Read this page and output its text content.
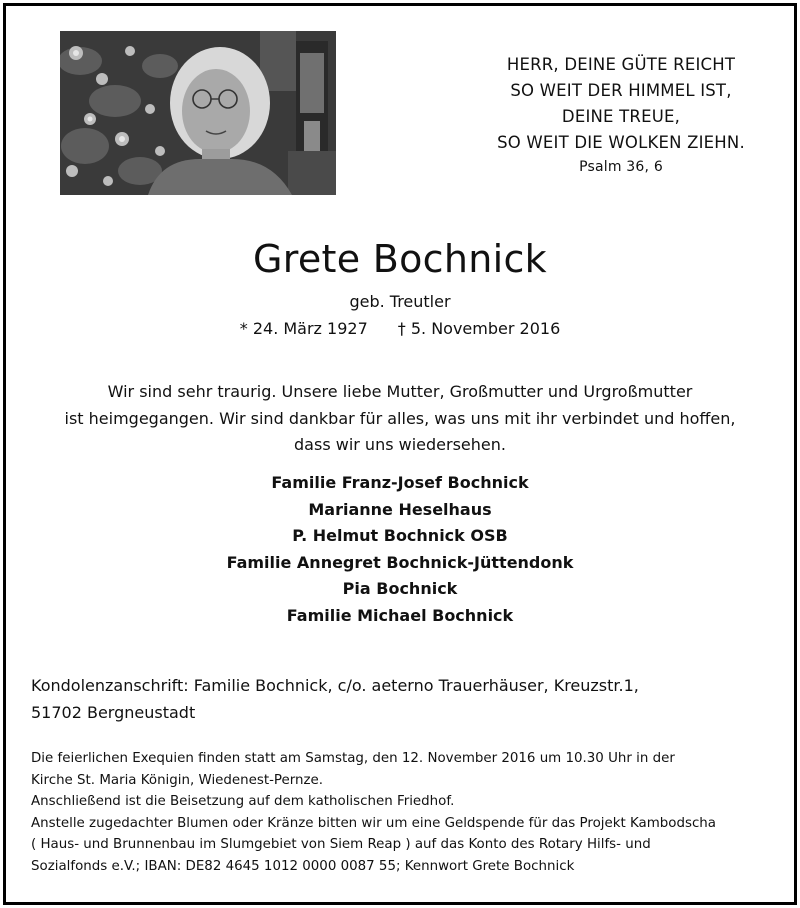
HERR, DEINE GÜTE REICHT
SO WEIT DER HIMMEL IST,
DEINE TREUE,
SO WEIT DIE WOLKEN ZIEHN.
Psalm 36, 6
Grete Bochnick
geb. Treutler
* 24. März 1927 † 5. November 2016
Wir sind sehr traurig. Unsere liebe Mutter, Großmutter und Urgroßmutter
ist heimgegangen. Wir sind dankbar für alles, was uns mit ihr verbindet und hoffen,
dass wir uns wiedersehen.
Familie Franz-Josef Bochnick
Marianne Heselhaus
P. Helmut Bochnick OSB
Familie Annegret Bochnick-Jüttendonk
Pia Bochnick
Familie Michael Bochnick
Kondolenzanschrift: Familie Bochnick, c/o. aeterno Trauerhäuser, Kreuzstr.1,
51702 Bergneustadt
Die feierlichen Exequien finden statt am Samstag, den 12. November 2016 um 10.30 Uhr in der
Kirche St. Maria Königin, Wiedenest-Pernze.
Anschließend ist die Beisetzung auf dem katholischen Friedhof.
Anstelle zugedachter Blumen oder Kränze bitten wir um eine Geldspende für das Projekt Kambodscha
( Haus- und Brunnenbau im Slumgebiet von Siem Reap ) auf das Konto des Rotary Hilfs- und
Sozialfonds e.V.; IBAN: DE82 4645 1012 0000 0087 55; Kennwort Grete Bochnick
